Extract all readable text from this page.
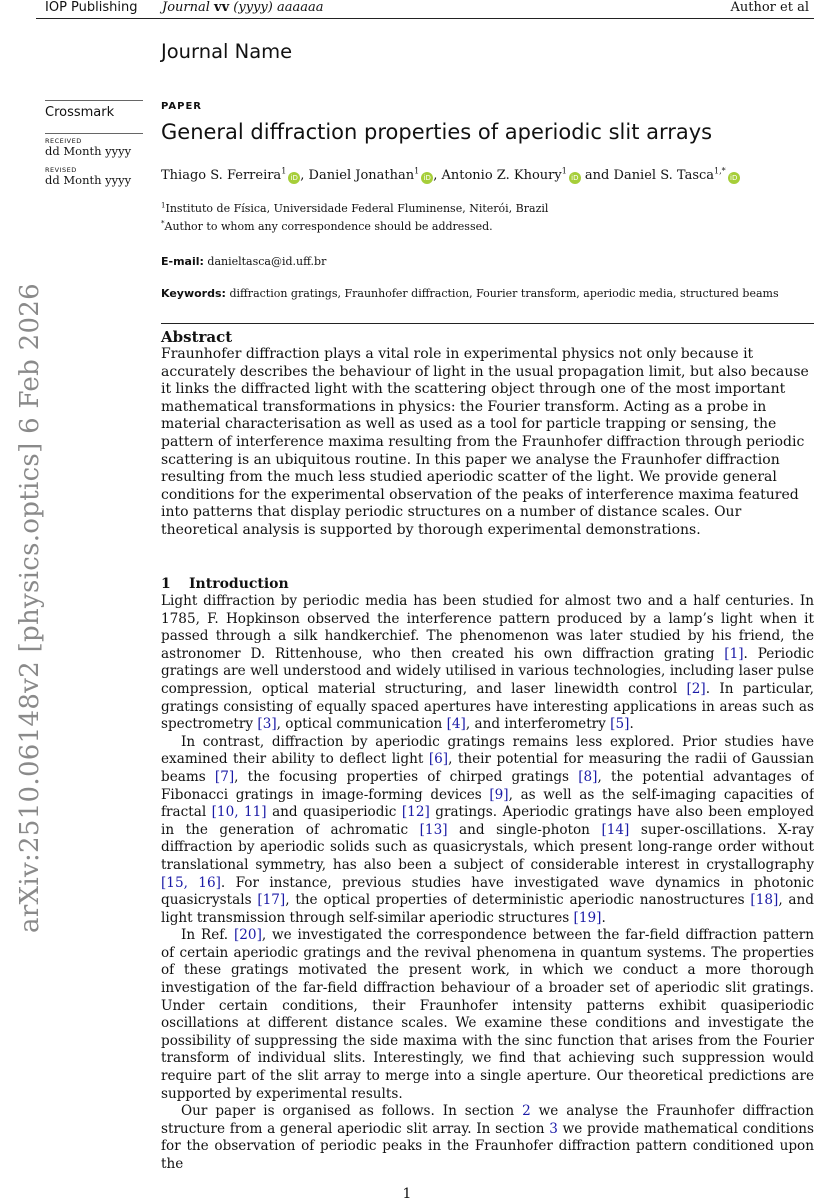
IOP Publishing Journal vv (yyyy) aaaaaa	Author et al
Journal Name
Crossmark
RECEIVED
dd Month yyyy
REVISED
dd Month yyyy
arXiv:2510.06148v2 [physics.optics] 6 Feb 2026
PAPER
General diffraction properties of aperiodic slit arrays
Thiago S. Ferreira$^1$iD , Daniel Jonathan$^1$iD , Antonio Z. Khoury$^1$iD and Daniel S. Tasca$^{1,*}$iD
$^1$Instituto de Física, Universidade Federal Fluminense, Niterói, Brazil
*Author to whom any correspondence should be addressed.
E-mail: danieltasca@id.uff.br
Keywords: diffraction gratings, Fraunhofer diffraction, Fourier transform, aperiodic media, structured beams
Abstract
Fraunhofer diffraction plays a vital role in experimental physics not only because it accurately describes the behaviour of light in the usual propagation limit, but also because it links the diffracted light with the scattering object through one of the most important mathematical transformations in physics: the Fourier transform. Acting as a probe in material characterisation as well as used as a tool for particle trapping or sensing, the pattern of interference maxima resulting from the Fraunhofer diffraction through periodic scattering is an ubiquitous routine. In this paper we analyse the Fraunhofer diffraction resulting from the much less studied aperiodic scatter of the light. We provide general conditions for the experimental observation of the peaks of interference maxima featured into patterns that display periodic structures on a number of distance scales. Our theoretical analysis is supported by thorough experimental demonstrations.
1 Introduction

Light diffraction by periodic media has been studied for almost two and a half centuries. In 1785, F. Hopkinson observed the interference pattern produced by a lamp’s light when it passed through a silk handkerchief. The phenomenon was later studied by his friend, the astronomer D. Rittenhouse, who then created his own diffraction grating [1]. Periodic gratings are well understood and widely utilised in various technologies, including laser pulse compression, optical material structuring, and laser linewidth control [2]. In particular, gratings consisting of equally spaced apertures have interesting applications in areas such as spectrometry [3], optical communication [4], and interferometry [5].

In contrast, diffraction by aperiodic gratings remains less explored. Prior studies have examined their ability to deflect light [6], their potential for measuring the radii of Gaussian beams [7], the focusing properties of chirped gratings [8], the potential advantages of Fibonacci gratings in image-forming devices [9], as well as the self-imaging capacities of fractal [10, 11] and quasiperiodic [12] gratings. Aperiodic gratings have also been employed in the generation of achromatic [13] and single-photon [14] super-oscillations. X-ray diffraction by aperiodic solids such as quasicrystals, which present long-range order without translational symmetry, has also been a subject of considerable interest in crystallography [15, 16]. For instance, previous studies have investigated wave dynamics in photonic quasicrystals [17], the optical properties of deterministic aperiodic nanostructures [18], and light transmission through self-similar aperiodic structures [19].

In Ref. [20], we investigated the correspondence between the far-field diffraction pattern of certain aperiodic gratings and the revival phenomena in quantum systems. The properties of these gratings motivated the present work, in which we conduct a more thorough investigation of the far-field diffraction behaviour of a broader set of aperiodic slit gratings. Under certain conditions, their Fraunhofer intensity patterns exhibit quasiperiodic oscillations at different distance scales. We examine these conditions and investigate the possibility of suppressing the side maxima with the sinc function that arises from the Fourier transform of individual slits. Interestingly, we find that achieving such suppression would require part of the slit array to merge into a single aperture. Our theoretical predictions are supported by experimental results.

Our paper is organised as follows. In section 2 we analyse the Fraunhofer diffraction structure from a general aperiodic slit array. In section 3 we provide mathematical conditions for the observation of periodic peaks in the Fraunhofer diffraction pattern conditioned upon the

1
